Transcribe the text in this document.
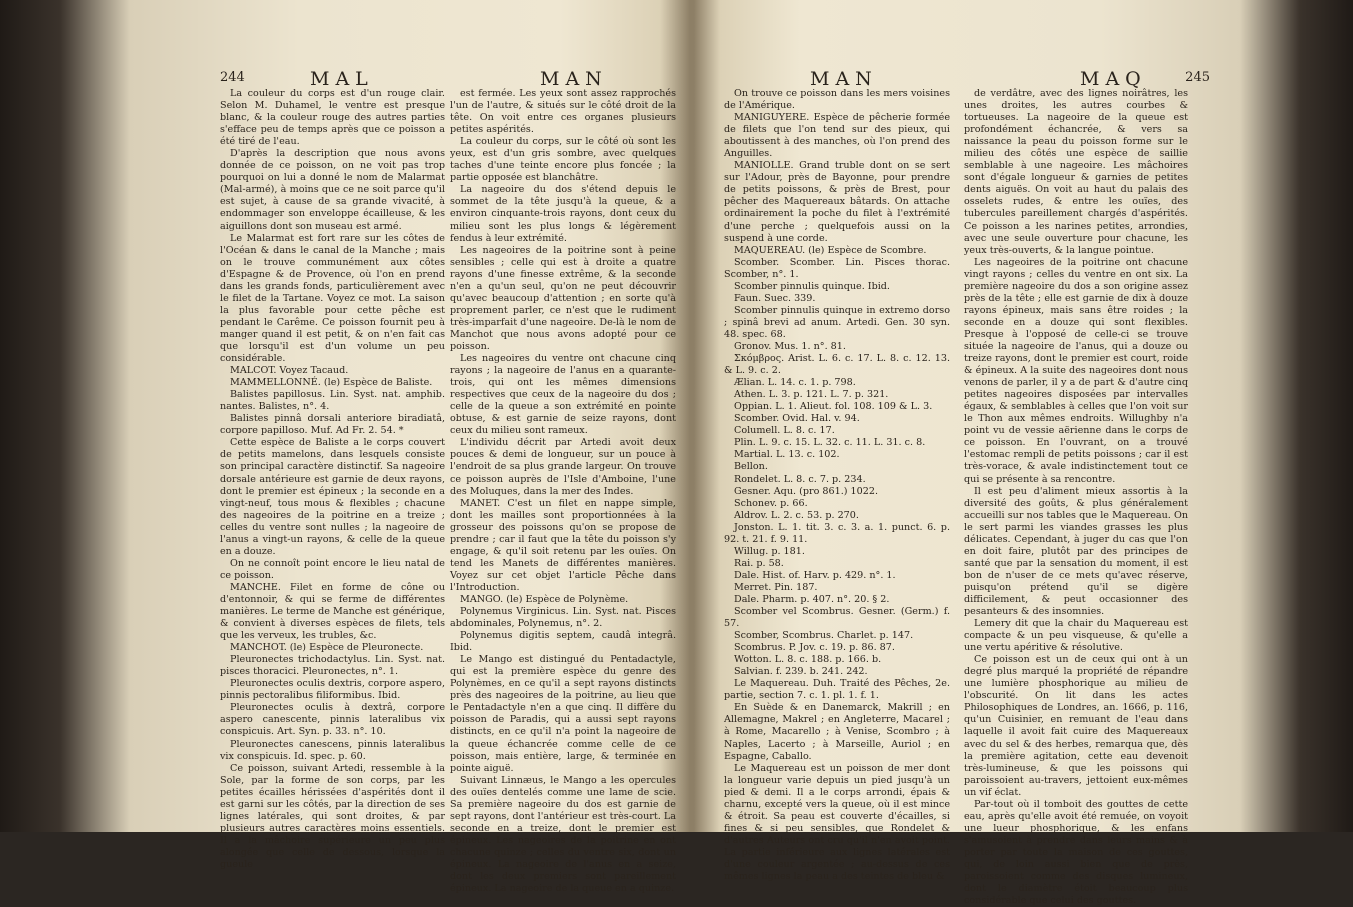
244	MAL	MAN

La couleur du corps est d'un rouge clair. Selon M. Duhamel, le ventre est presque blanc, & la couleur rouge des autres parties s'efface peu de temps après que ce poisson a été tiré de l'eau.

D'après la description que nous avons donnée de ce poisson, on ne voit pas trop pourquoi on lui a donné le nom de Malarmat (Mal-armé), à moins que ce ne soit parce qu'il est sujet, à cause de sa grande vivacité, à endommager son enveloppe écailleuse, & les aiguillons dont son museau est armé.

Le Malarmat est fort rare sur les côtes de l'Océan & dans le canal de la Manche ; mais on le trouve communément aux côtes d'Espagne & de Provence, où l'on en prend dans les grands fonds, particulièrement avec le filet de la Tartane. Voyez ce mot. La saison la plus favorable pour cette pêche est pendant le Carême. Ce poisson fournit peu à manger quand il est petit, & on n'en fait cas que lorsqu'il est d'un volume un peu considérable.

MALCOT. Voyez Tacaud.

MAMMELLONNÉ. (le) Espèce de Baliste.

Balistes papillosus. Lin. Syst. nat. amphib. nantes. Balistes, n°. 4.

Balistes pinnâ dorsali anteriore biradiatâ, corpore papilloso. Muf. Ad Fr. 2. 54. *

Cette espèce de Baliste a le corps couvert de petits mamelons, dans lesquels consiste son principal caractère distinctif. Sa nageoire dorsale antérieure est garnie de deux rayons, dont le premier est épineux ; la seconde en a vingt-neuf, tous mous & flexibles ; chacune des nageoires de la poitrine en a treize ; celles du ventre sont nulles ; la nageoire de l'anus a vingt-un rayons, & celle de la queue en a douze.

On ne connoît point encore le lieu natal de ce poisson.

MANCHE. Filet en forme de cône ou d'entonnoir, & qui se ferme de différentes manières. Le terme de Manche est générique, & convient à diverses espèces de filets, tels que les verveux, les trubles, &c.

MANCHOT. (le) Espèce de Pleuronecte.

Pleuronectes trichodactylus. Lin. Syst. nat. pisces thoracici. Pleuronectes, n°. 1.

Pleuronectes oculis dextris, corpore aspero, pinnis pectoralibus filiformibus. Ibid.

Pleuronectes oculis à dextrâ, corpore aspero canescente, pinnis lateralibus vix conspicuis. Art. Syn. p. 33. n°. 10.

Pleuronectes canescens, pinnis lateralibus vix conspicuis. Id. spec. p. 60.

Ce poisson, suivant Artedi, ressemble à la Sole, par la forme de son corps, par les petites écailles hérissées d'aspérités dont il est garni sur les côtés, par la direction de ses lignes latérales, qui sont droites, & par plusieurs autres caractères moins essentiels. Il a la mâchoire supérieure un peu plus alongée que celle de dessous, lorsque la gueule

est fermée. Les yeux sont assez rapprochés l'un de l'autre, & situés sur le côté droit de la tête. On voit entre ces organes plusieurs petites aspérités.

La couleur du corps, sur le côté où sont les yeux, est d'un gris sombre, avec quelques taches d'une teinte encore plus foncée ; la partie opposée est blanchâtre.

La nageoire du dos s'étend depuis le sommet de la tête jusqu'à la queue, & a environ cinquante-trois rayons, dont ceux du milieu sont les plus longs & légèrement fendus à leur extrémité.

Les nageoires de la poitrine sont à peine sensibles ; celle qui est à droite a quatre rayons d'une finesse extrême, & la seconde n'en a qu'un seul, qu'on ne peut découvrir qu'avec beaucoup d'attention ; en sorte qu'à proprement parler, ce n'est que le rudiment très-imparfait d'une nageoire. De-là le nom de Manchot que nous avons adopté pour ce poisson.

Les nageoires du ventre ont chacune cinq rayons ; la nageoire de l'anus en a quarante-trois, qui ont les mêmes dimensions respectives que ceux de la nageoire du dos ; celle de la queue a son extrémité en pointe obtuse, & est garnie de seize rayons, dont ceux du milieu sont rameux.

L'individu décrit par Artedi avoit deux pouces & demi de longueur, sur un pouce à l'endroit de sa plus grande largeur. On trouve ce poisson auprès de l'Isle d'Amboine, l'une des Moluques, dans la mer des Indes.

MANET. C'est un filet en nappe simple, dont les mailles sont proportionnées à la grosseur des poissons qu'on se propose de prendre ; car il faut que la tête du poisson s'y engage, & qu'il soit retenu par les ouïes. On tend les Manets de différentes manières. Voyez sur cet objet l'article Pêche dans l'Introduction.

MANGO. (le) Espèce de Polynème.

Polynemus Virginicus. Lin. Syst. nat. Pisces abdominales, Polynemus, n°. 2.

Polynemus digitis septem, caudâ integrâ. Ibid.

Le Mango est distingué du Pentadactyle, qui est la première espèce du genre des Polynèmes, en ce qu'il a sept rayons distincts près des nageoires de la poitrine, au lieu que le Pentadactyle n'en a que cinq. Il diffère du poisson de Paradis, qui a aussi sept rayons distincts, en ce qu'il n'a point la nageoire de la queue échancrée comme celle de ce poisson, mais entière, large, & terminée en pointe aiguë.

Suivant Linnæus, le Mango a les opercules des ouïes dentelés comme une lame de scie. Sa première nageoire du dos est garnie de sept rayons, dont l'antérieur est très-court. La seconde en a treize, dont le premier est épineux. Les nageoires de la poitrine en ont chacune quinze ; celles du ventre six, dont un épineux. La nageoire de l'anus en a seize, dont les deux premiers sont pareillement épineux. La nageoire de la queue en a quinze.

MAN	MAQ	245

On trouve ce poisson dans les mers voisines de l'Amérique.

MANIGUYERE. Espèce de pêcherie formée de filets que l'on tend sur des pieux, qui aboutissent à des manches, où l'on prend des Anguilles.

MANIOLLE. Grand truble dont on se sert sur l'Adour, près de Bayonne, pour prendre de petits poissons, & près de Brest, pour pêcher des Maquereaux bâtards. On attache ordinairement la poche du filet à l'extrémité d'une perche ; quelquefois aussi on la suspend à une corde.

MAQUEREAU. (le) Espèce de Scombre.

Scomber. Scomber. Lin. Pisces thorac. Scomber, n°. 1.

Scomber pinnulis quinque. Ibid.

Faun. Suec. 339.

Scomber pinnulis quinque in extremo dorso ; spinâ brevi ad anum. Artedi. Gen. 30 syn. 48. spec. 68.

Gronov. Mus. 1. n°. 81.

Σκόμβρος. Arist. L. 6. c. 17. L. 8. c. 12. 13. & L. 9. c. 2.

Ælian. L. 14. c. 1. p. 798.

Athen. L. 3. p. 121. L. 7. p. 321.

Oppian. L. 1. Alieut. fol. 108. 109 & L. 3.

Scomber. Ovid. Hal. v. 94.

Columell. L. 8. c. 17.

Plin. L. 9. c. 15. L. 32. c. 11. L. 31. c. 8.

Martial. L. 13. c. 102.

Bellon.

Rondelet. L. 8. c. 7. p. 234.

Gesner. Aqu. (pro 861.) 1022.

Schonev. p. 66.

Aldrov. L. 2. c. 53. p. 270.

Jonston. L. 1. tit. 3. c. 3. a. 1. punct. 6. p. 92. t. 21. f. 9. 11.

Willug. p. 181.

Rai. p. 58.

Dale. Hist. of. Harv. p. 429. n°. 1.

Merret. Pin. 187.

Dale. Pharm. p. 407. n°. 20. § 2.

Scomber vel Scombrus. Gesner. (Germ.) f. 57.

Scomber, Scombrus. Charlet. p. 147.

Scombrus. P. Jov. c. 19. p. 86. 87.

Wotton. L. 8. c. 188. p. 166. b.

Salvian. f. 239. b. 241. 242.

Le Maquereau. Duh. Traité des Pêches, 2e. partie, section 7. c. 1. pl. 1. f. 1.

En Suède & en Danemarck, Makrill ; en Allemagne, Makrel ; en Angleterre, Macarel ; à Rome, Macarello ; à Venise, Scombro ; à Naples, Lacerto ; à Marseille, Auriol ; en Espagne, Caballo.

Le Maquereau est un poisson de mer dont la longueur varie depuis un pied jusqu'à un pied & demi. Il a le corps arrondi, épais & charnu, excepté vers la queue, où il est mince & étroit. Sa peau est couverte d'écailles, si fines & si peu sensibles, que Rondelet & d'autres Auteurs ont cru qu'il n'en avoit point. La partie inférieure aux lignes latérales est d'une couleur argentée ; au-dessus de ces mêmes lignes la peau a des teintes de bleu &

de verdâtre, avec des lignes noirâtres, les unes droites, les autres courbes & tortueuses. La nageoire de la queue est profondément échancrée, & vers sa naissance la peau du poisson forme sur le milieu des côtés une espèce de saillie semblable à une nageoire. Les mâchoires sont d'égale longueur & garnies de petites dents aiguës. On voit au haut du palais des osselets rudes, & entre les ouïes, des tubercules pareillement chargés d'aspérités. Ce poisson a les narines petites, arrondies, avec une seule ouverture pour chacune, les yeux très-ouverts, & la langue pointue.

Les nageoires de la poitrine ont chacune vingt rayons ; celles du ventre en ont six. La première nageoire du dos a son origine assez près de la tête ; elle est garnie de dix à douze rayons épineux, mais sans être roides ; la seconde en a douze qui sont flexibles. Presque à l'opposé de celle-ci se trouve située la nageoire de l'anus, qui a douze ou treize rayons, dont le premier est court, roide & épineux. A la suite des nageoires dont nous venons de parler, il y a de part & d'autre cinq petites nageoires disposées par intervalles égaux, & semblables à celles que l'on voit sur le Thon aux mêmes endroits. Willughby n'a point vu de vessie aërienne dans le corps de ce poisson. En l'ouvrant, on a trouvé l'estomac rempli de petits poissons ; car il est très-vorace, & avale indistinctement tout ce qui se présente à sa rencontre.

Il est peu d'aliment mieux assortis à la diversité des goûts, & plus généralement accueilli sur nos tables que le Maquereau. On le sert parmi les viandes grasses les plus délicates. Cependant, à juger du cas que l'on en doit faire, plutôt par des principes de santé que par la sensation du moment, il est bon de n'user de ce mets qu'avec réserve, puisqu'on prétend qu'il se digère difficilement, & peut occasionner des pesanteurs & des insomnies.

Lemery dit que la chair du Maquereau est compacte & un peu visqueuse, & qu'elle a une vertu apéritive & résolutive.

Ce poisson est un de ceux qui ont à un degré plus marqué la propriété de répandre une lumière phosphorique au milieu de l'obscurité. On lit dans les actes Philosophiques de Londres, an. 1666, p. 116, qu'un Cuisinier, en remuant de l'eau dans laquelle il avoit fait cuire des Maquereaux avec du sel & des herbes, remarqua que, dès la première agitation, cette eau devenoit très-lumineuse, & que les poissons qui paroissoient au-travers, jettoient eux-mêmes un vif éclat.

Par-tout où il tomboit des gouttes de cette eau, après qu'elle avoit été remuée, on voyoit une lueur phosphorique, & les enfans s'amusoient à prendre dans leurs mains & à porter par toute la maison de ces gouttes, qui, de loin aussi bien que de près, paroissoient comme des disques lumineux, dont le diamètre étoit beaucoup plus considérable que celui des gouttes.
